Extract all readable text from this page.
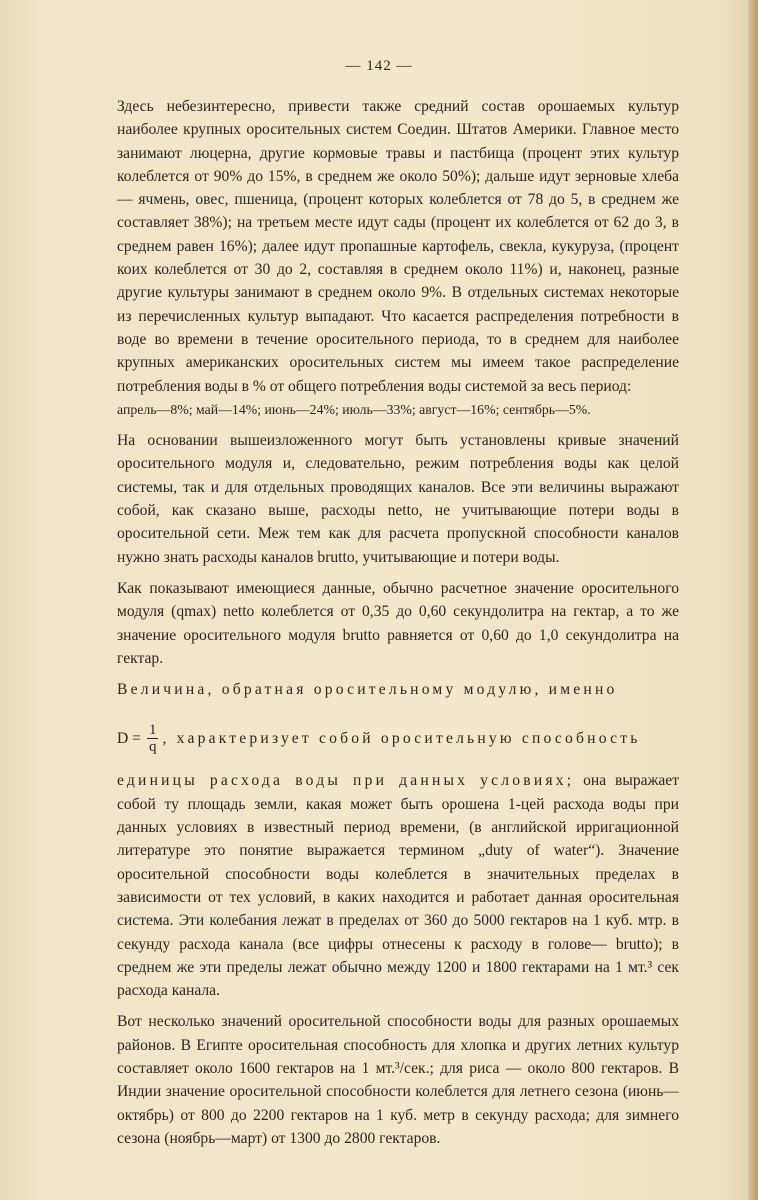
— 142 —

Здесь небезинтересно, привести также средний состав орошаемых культур наиболее крупных оросительных систем Соедин. Штатов Америки. Главное место занимают люцерна, другие кормовые травы и пастбища (процент этих культур колеблется от 90% до 15%, в среднем же около 50%); дальше идут зерновые хлеба — ячмень, овес, пшеница, (процент которых колеблется от 78 до 5, в среднем же составляет 38%); на третьем месте идут сады (процент их колеблется от 62 до 3, в среднем равен 16%); далее идут пропашные картофель, свекла, кукуруза, (процент коих колеблется от 30 до 2, составляя в среднем около 11%) и, наконец, разные другие культуры занимают в среднем около 9%. В отдельных системах некоторые из перечисленных культур выпадают. Что касается распределения потребности в воде во времени в течение оросительного периода, то в среднем для наиболее крупных американских оросительных систем мы имеем такое распределение потребления воды в % от общего потребления воды системой за весь период:

апрель—8%; май—14%; июнь—24%; июль—33%; август—16%; сентябрь—5%.

На основании вышеизложенного могут быть установлены кривые значений оросительного модуля и, следовательно, режим потребления воды как целой системы, так и для отдельных проводящих каналов. Все эти величины выражают собой, как сказано выше, расходы netto, не учитывающие потери воды в оросительной сети. Меж тем как для расчета пропускной способности каналов нужно знать расходы каналов brutto, учитывающие и потери воды.

Как показывают имеющиеся данные, обычно расчетное значение оросительного модуля (qmax) netto колеблется от 0,35 до 0,60 секундолитра на гектар, а то же значение оросительного модуля brutto равняется от 0,60 до 1,0 секундолитра на гектар.

Величина, обратная оросительному модулю, именно

$D = \frac{1}{q}$ , характеризует собой оросительную способность

единицы расхода воды при данных условиях; она выражает собой ту площадь земли, какая может быть орошена 1-цей расхода воды при данных условиях в известный период времени, (в английской ирригационной литературе это понятие выражается термином „duty of water“). Значение оросительной способности воды колеблется в значительных пределах в зависимости от тех условий, в каких находится и работает данная оросительная система. Эти колебания лежат в пределах от 360 до 5000 гектаров на 1 куб. мтр. в секунду расхода канала (все цифры отнесены к расходу в голове— brutto); в среднем же эти пределы лежат обычно между 1200 и 1800 гектарами на 1 мт.³ сек расхода канала.

Вот несколько значений оросительной способности воды для разных орошаемых районов. В Египте оросительная способность для хлопка и других летних культур составляет около 1600 гектаров на 1 мт.³/сек.; для риса — около 800 гектаров. В Индии значение оросительной способности колеблется для летнего сезона (июнь—октябрь) от 800 до 2200 гектаров на 1 куб. метр в секунду расхода; для зимнего сезона (ноябрь—март) от 1300 до 2800 гектаров.
